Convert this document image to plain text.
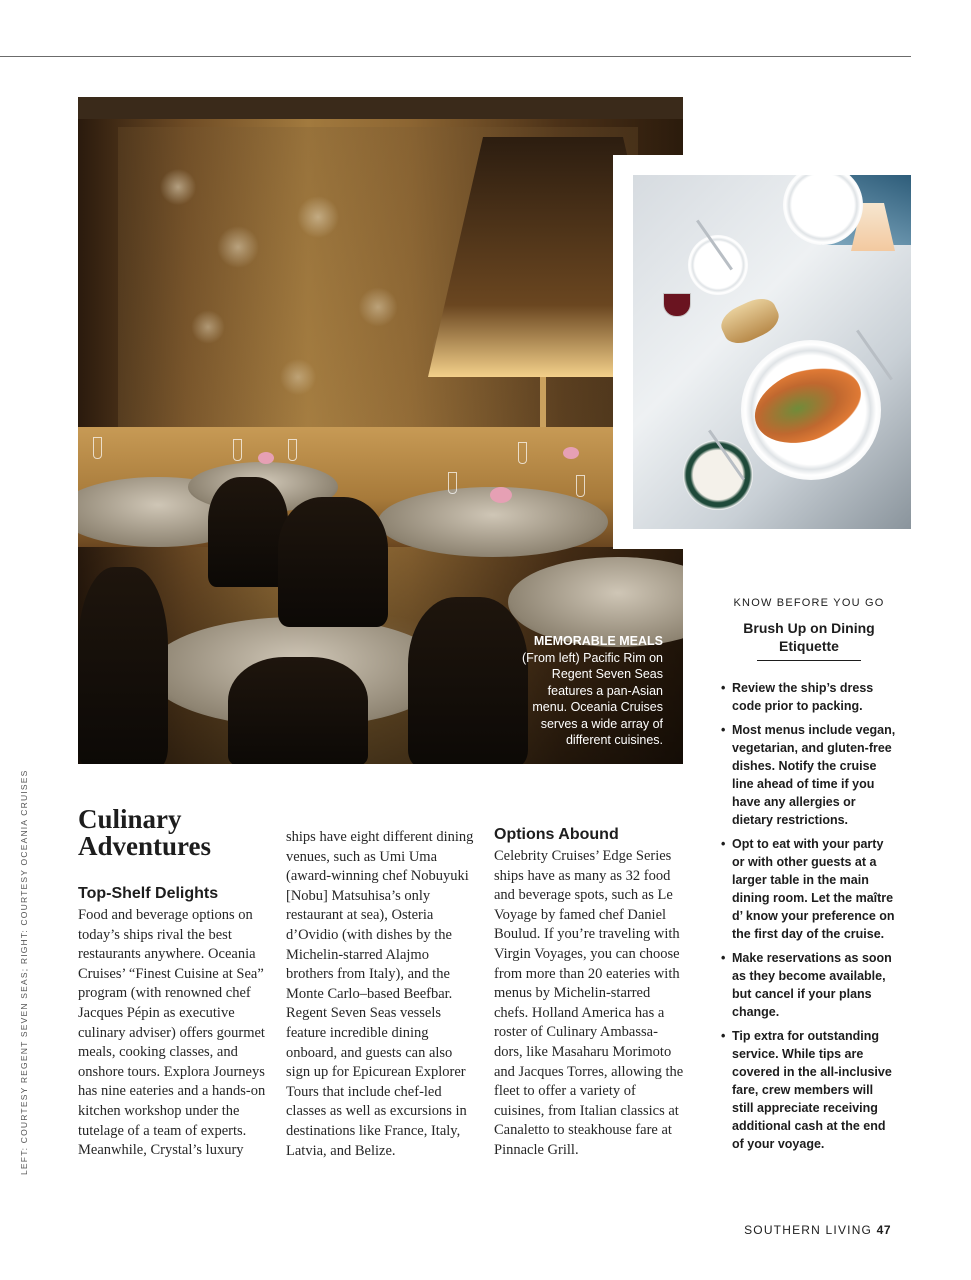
MEMORABLE MEALS
(From left) Pacific Rim on Regent Seven Seas features a pan-Asian menu. Oceania Cruises serves a wide array of different cuisines.

KNOW BEFORE YOU GO

Brush Up on Dining Etiquette
• Review the ship’s dress code prior to packing.
• Most menus include vegan, vegetarian, and gluten-free dishes. Notify the cruise line ahead of time if you have any allergies or dietary restrictions.
• Opt to eat with your party or with other guests at a larger table in the main dining room. Let the maître d’ know your preference on the first day of the cruise.
• Make reservations as soon as they become available, but cancel if your plans change.
• Tip extra for outstanding service. While tips are covered in the all-inclusive fare, crew members will still appreciate receiving additional cash at the end of your voyage.
Culinary Adventures
Top-Shelf Delights

Food and beverage options on today’s ships rival the best restaurants anywhere. Oceania Cruises’ “Finest Cuisine at Sea” program (with renowned chef Jacques Pépin as executive culinary adviser) offers gourmet meals, cooking classes, and onshore tours. Explora Journeys has nine eateries and a hands-on kitchen workshop under the tutelage of a team of experts. Meanwhile, Crystal’s luxury

ships have eight different dining venues, such as Umi Uma (award-winning chef Nobuyuki [Nobu] Matsuhisa’s only restaurant at sea), Osteria d’Ovidio (with dishes by the Michelin-starred Alajmo brothers from Italy), and the Monte Carlo–based Beefbar. Regent Seven Seas vessels feature incredible dining onboard, and guests can also sign up for Epicurean Explorer Tours that include chef-led classes as well as excursions in destinations like France, Italy, Latvia, and Belize.

Options Abound

Celebrity Cruises’ Edge Series ships have as many as 32 food and beverage spots, such as Le Voyage by famed chef Daniel Boulud. If you’re traveling with Virgin Voyages, you can choose from more than 20 eateries with menus by Michelin-starred chefs. Holland America has a roster of Culinary Ambassa-dors, like Masaharu Morimoto and Jacques Torres, allowing the fleet to offer a variety of cuisines, from Italian classics at Canaletto to steakhouse fare at Pinnacle Grill.

LEFT: COURTESY REGENT SEVEN SEAS; RIGHT: COURTESY OCEANIA CRUISES
SOUTHERN LIVING 47
